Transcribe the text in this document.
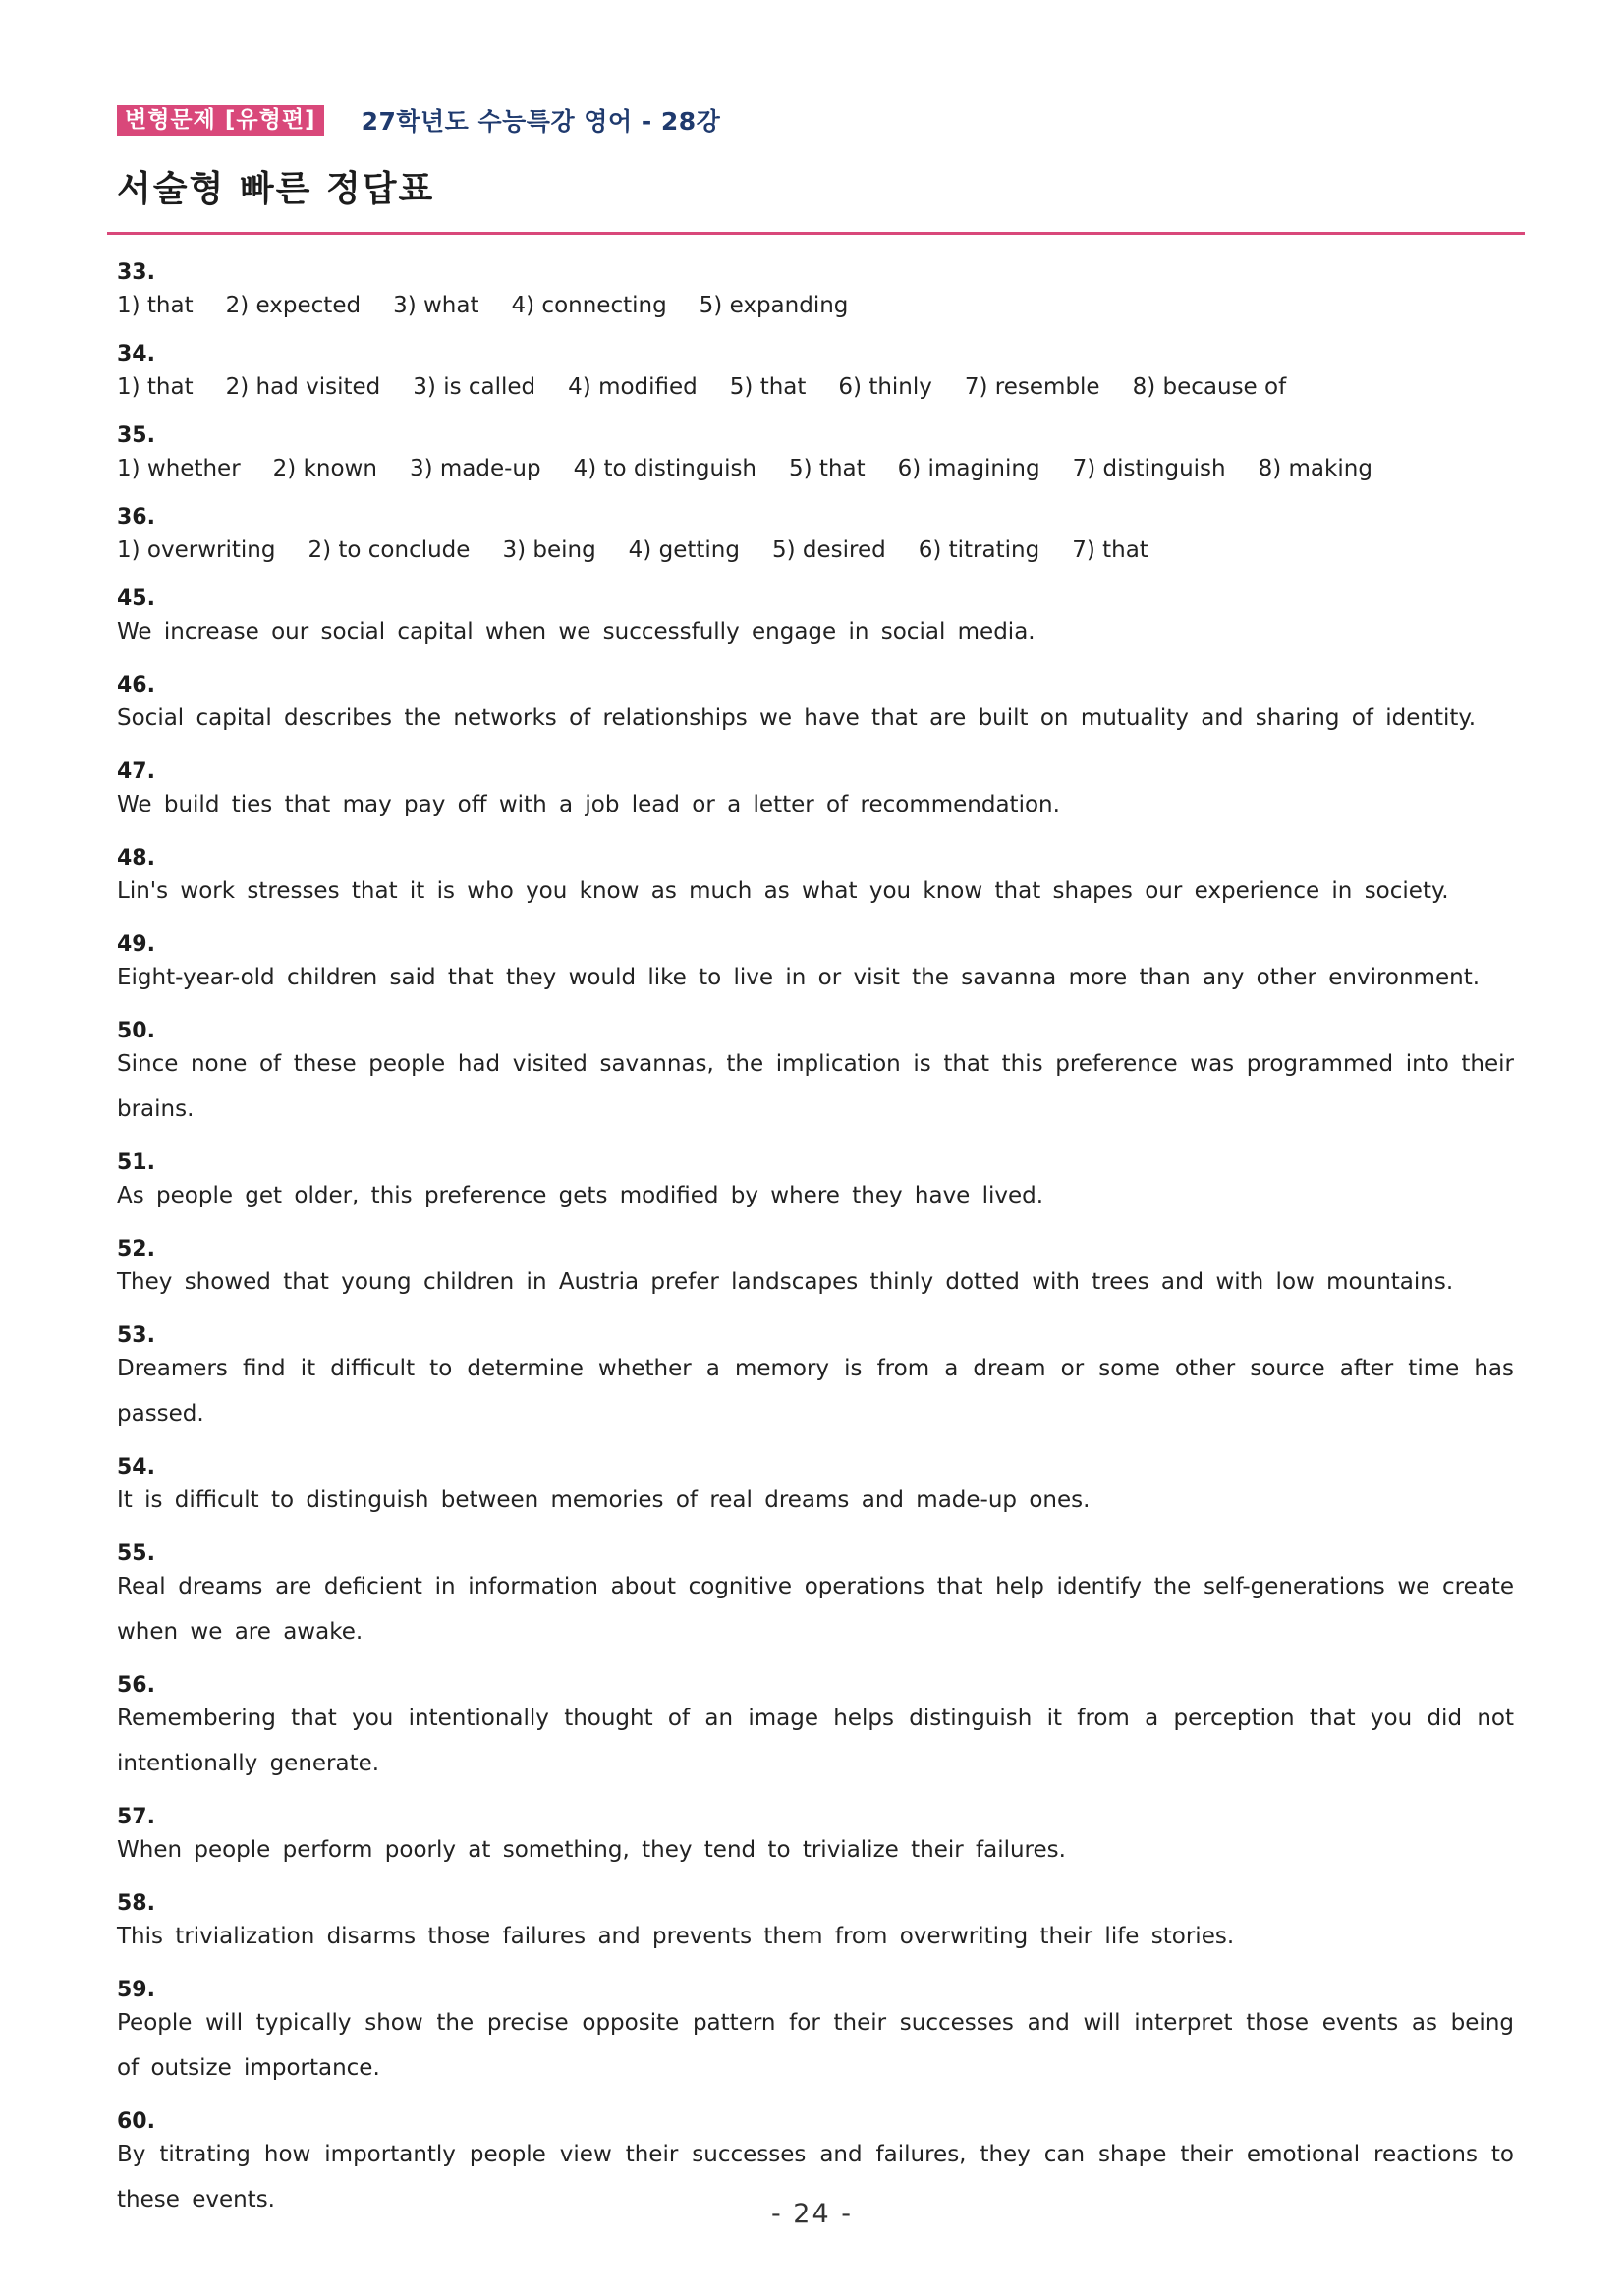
변형문제 [유형편]	27학년도 수능특강 영어 - 28강
서술형 빠른 정답표
33.
1) that 2) expected 3) what 4) connecting 5) expanding
34.
1) that 2) had visited 3) is called 4) modified 5) that 6) thinly 7) resemble 8) because of
35.
1) whether 2) known 3) made-up 4) to distinguish 5) that 6) imagining 7) distinguish 8) making
36.
1) overwriting 2) to conclude 3) being 4) getting 5) desired 6) titrating 7) that
45.
We increase our social capital when we successfully engage in social media.
46.
Social capital describes the networks of relationships we have that are built on mutuality and sharing of identity.
47.
We build ties that may pay off with a job lead or a letter of recommendation.
48.
Lin's work stresses that it is who you know as much as what you know that shapes our experience in society.
49.
Eight-year-old children said that they would like to live in or visit the savanna more than any other environment.
50.
Since none of these people had visited savannas, the implication is that this preference was programmed into their brains.
51.
As people get older, this preference gets modified by where they have lived.
52.
They showed that young children in Austria prefer landscapes thinly dotted with trees and with low mountains.
53.
Dreamers find it difficult to determine whether a memory is from a dream or some other source after time has passed.
54.
It is difficult to distinguish between memories of real dreams and made-up ones.
55.
Real dreams are deficient in information about cognitive operations that help identify the self-generations we create when we are awake.
56.
Remembering that you intentionally thought of an image helps distinguish it from a perception that you did not intentionally generate.
57.
When people perform poorly at something, they tend to trivialize their failures.
58.
This trivialization disarms those failures and prevents them from overwriting their life stories.
59.
People will typically show the precise opposite pattern for their successes and will interpret those events as being of outsize importance.
60.
By titrating how importantly people view their successes and failures, they can shape their emotional reactions to these events.	- 24 -
